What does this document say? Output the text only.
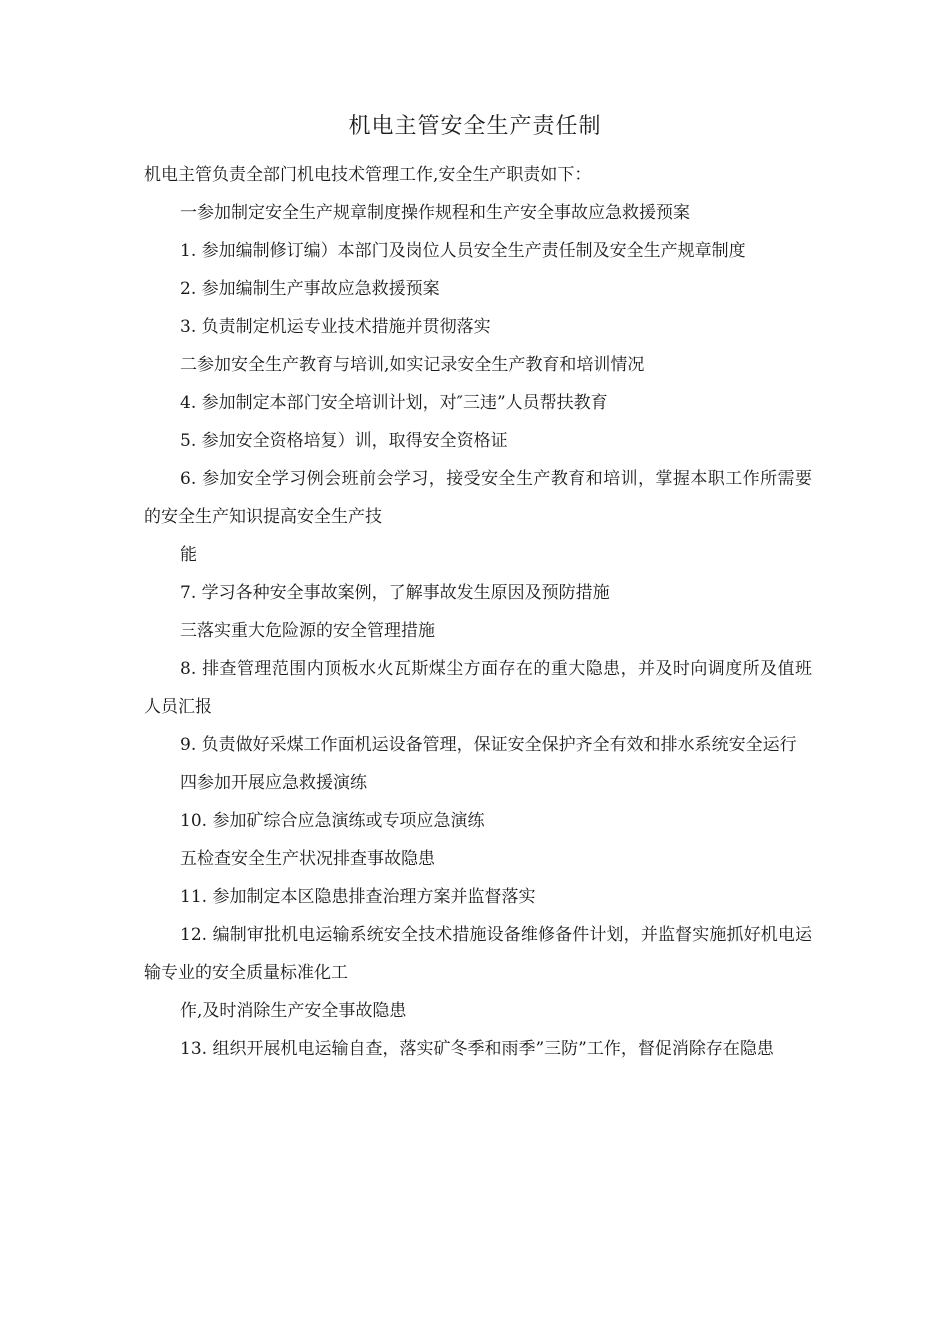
机电主管安全生产责任制

机电主管负责全部门机电技术管理工作,安全生产职责如下：

一参加制定安全生产规章制度操作规程和生产安全事故应急救援预案

1. 参加编制修订编）本部门及岗位人员安全生产责任制及安全生产规章制度

2. 参加编制生产事故应急救援预案

3. 负责制定机运专业技术措施并贯彻落实

二参加安全生产教育与培训,如实记录安全生产教育和培训情况

4. 参加制定本部门安全培训计划，对″三违”人员帮扶教育

5. 参加安全资格培复）训，取得安全资格证

6. 参加安全学习例会班前会学习，接受安全生产教育和培训，掌握本职工作所需要的安全生产知识提高安全生产技

能

7. 学习各种安全事故案例，了解事故发生原因及预防措施

三落实重大危险源的安全管理措施

8. 排查管理范围内顶板水火瓦斯煤尘方面存在的重大隐患，并及时向调度所及值班人员汇报

9. 负责做好采煤工作面机运设备管理，保证安全保护齐全有效和排水系统安全运行

四参加开展应急救援演练

10. 参加矿综合应急演练或专项应急演练

五检查安全生产状况排查事故隐患

11. 参加制定本区隐患排查治理方案并监督落实

12. 编制审批机电运输系统安全技术措施设备维修备件计划，并监督实施抓好机电运输专业的安全质量标准化工

作,及时消除生产安全事故隐患

13. 组织开展机电运输自查，落实矿冬季和雨季”三防”工作，督促消除存在隐患
